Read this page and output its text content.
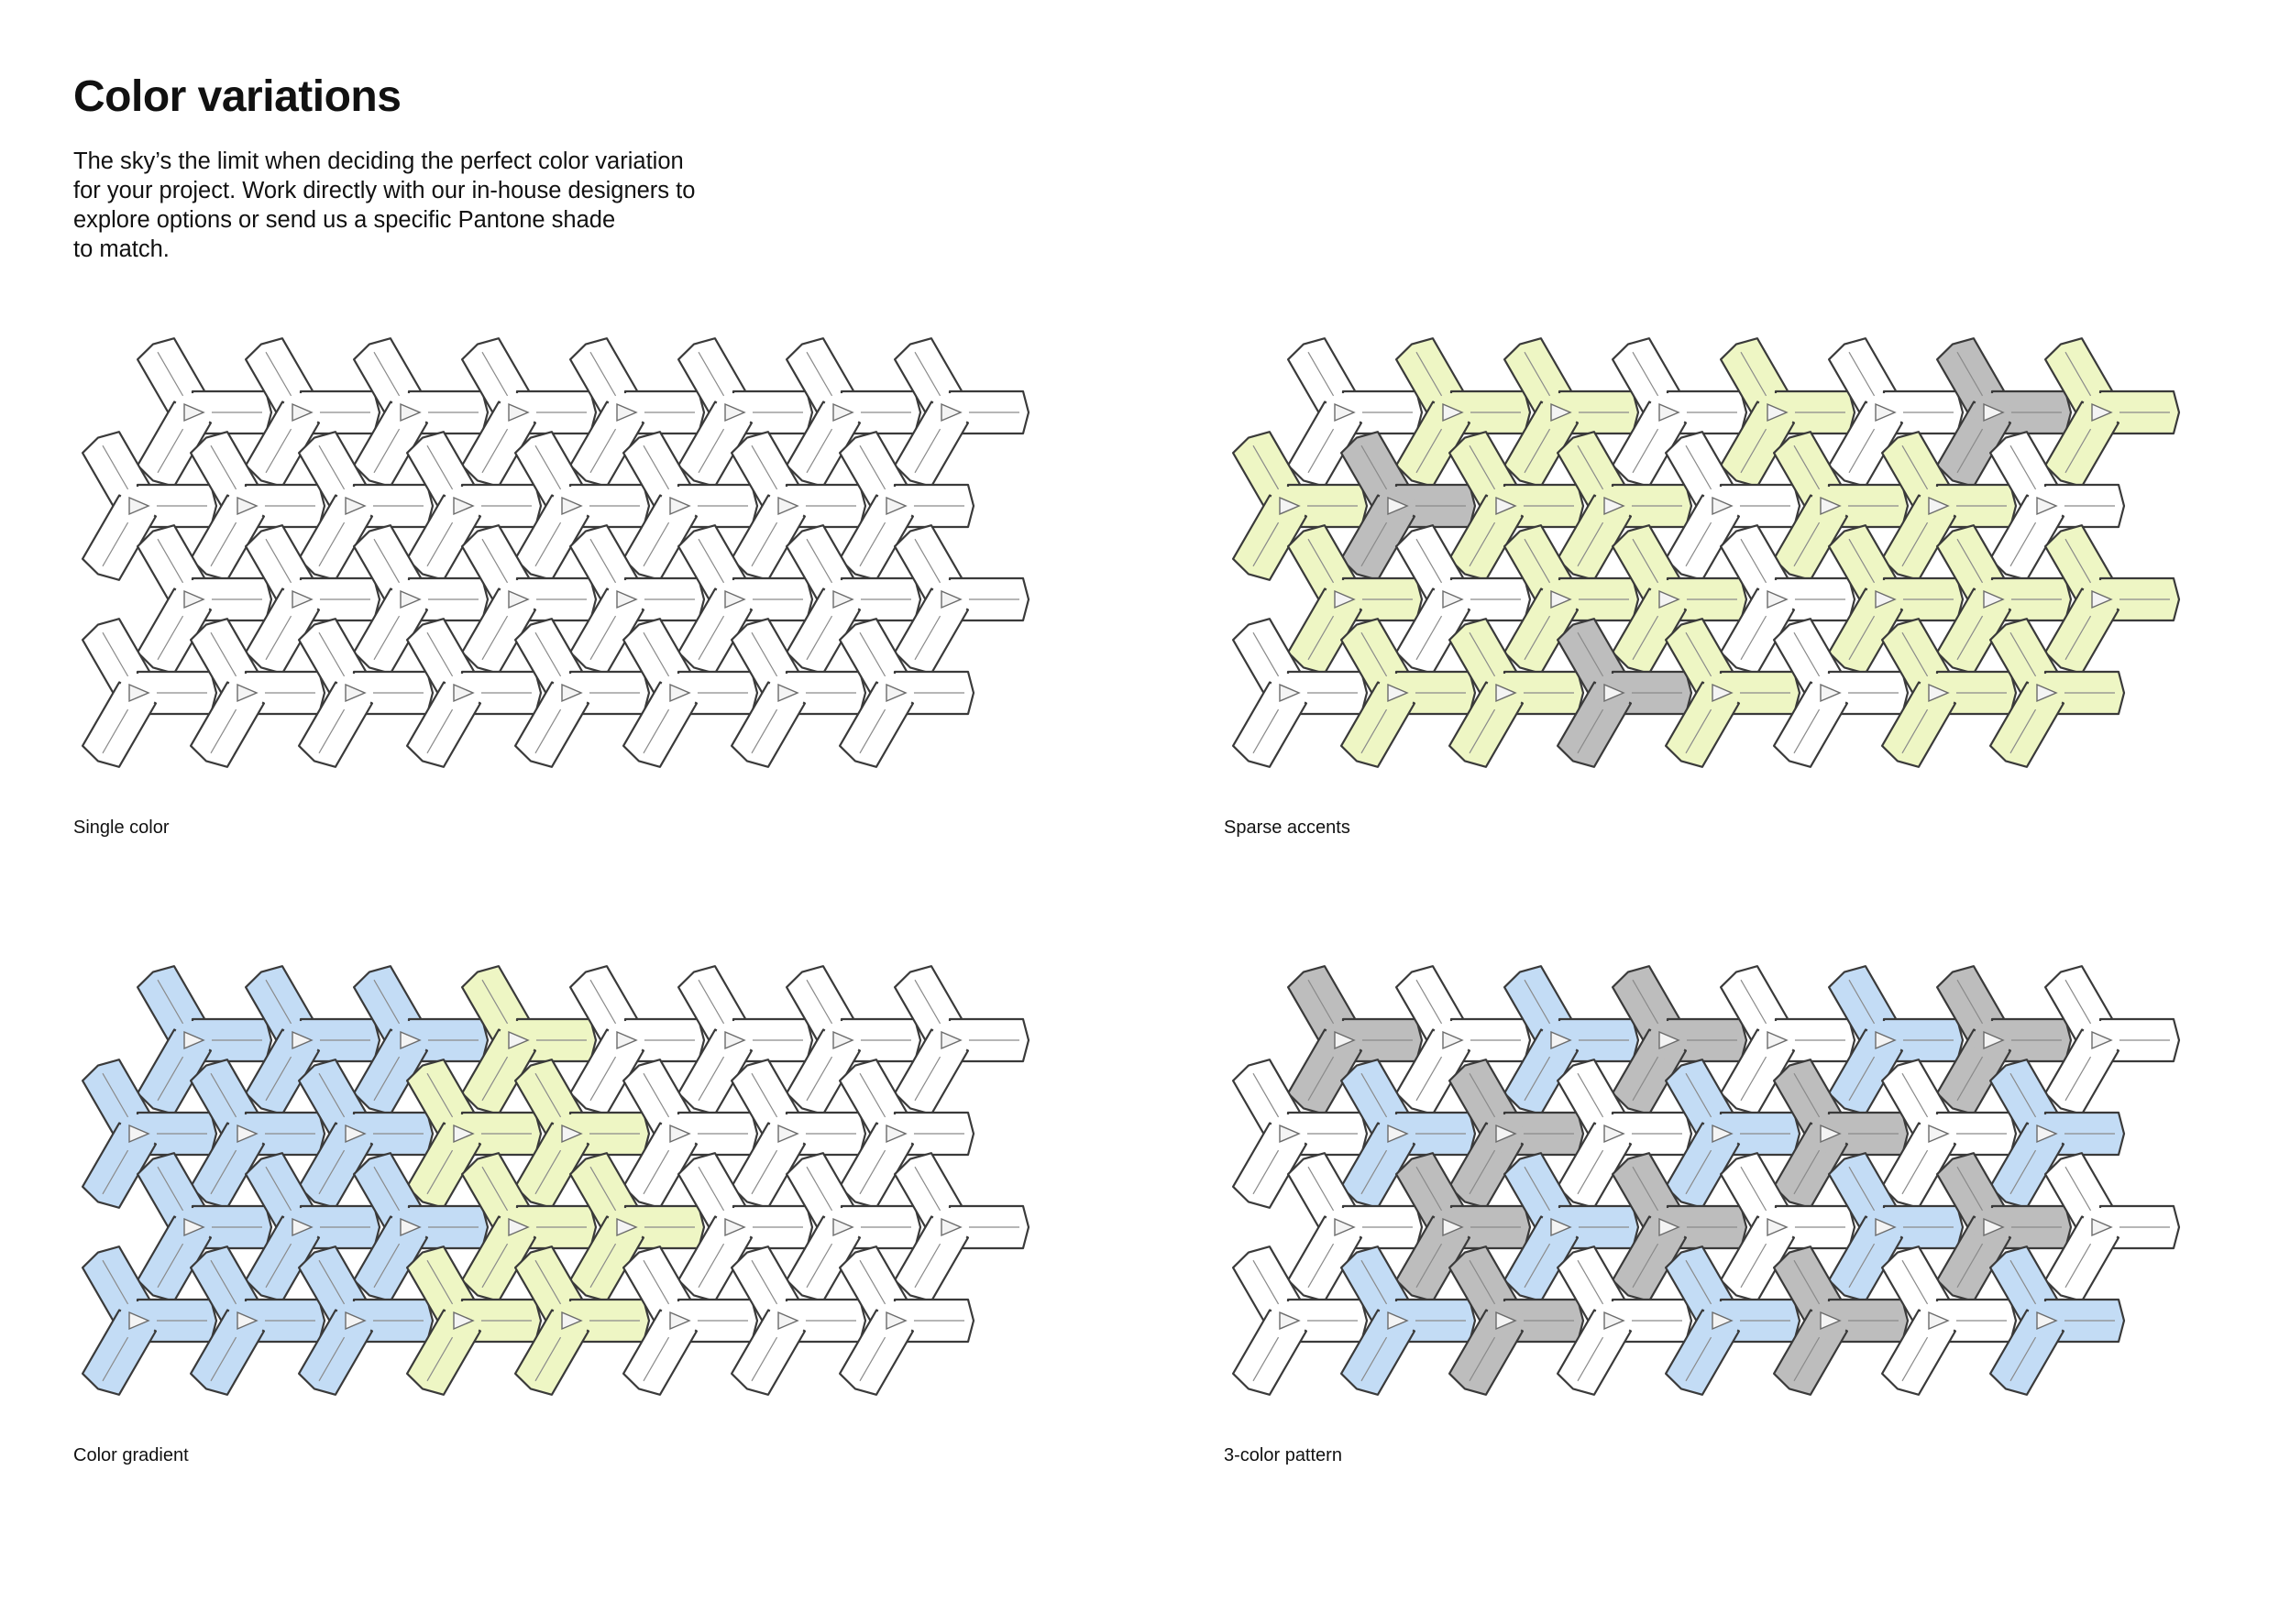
Color variations
The sky’s the limit when deciding the perfect color variation
for your project. Work directly with our in-house designers to
explore options or send us a specific Pantone shade
to match.
Single color	Sparse accents
Color gradient	3-color pattern
